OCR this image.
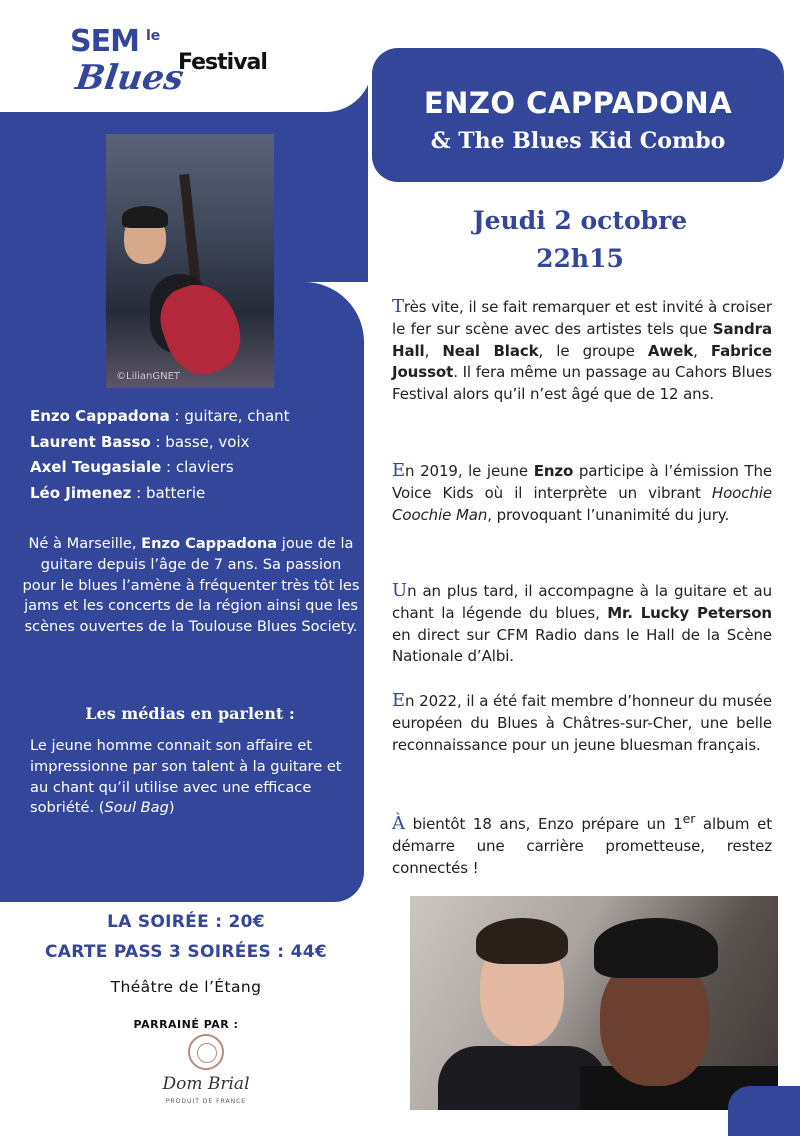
SEM le
Blues
Festival
©LilianGNET
Enzo Cappadona : guitare, chant
Laurent Basso : basse, voix
Axel Teugasiale : claviers
Léo Jimenez : batterie
Né à Marseille, Enzo Cappadona joue de la guitare depuis l’âge de 7 ans. Sa passion pour le blues l’amène à fréquenter très tôt les jams et les concerts de la région ainsi que les scènes ouvertes de la Toulouse Blues Society.
Les médias en parlent :
Le jeune homme connait son affaire et impressionne par son talent à la guitare et au chant qu’il utilise avec une efficace sobriété. (Soul Bag)
LA SOIRÉE : 20€
CARTE PASS 3 SOIRÉES : 44€
Théâtre de l’Étang
PARRAINÉ PAR :
Dom Brial
PRODUIT DE FRANCE
ENZO CAPPADONA
& The Blues Kid Combo
Jeudi 2 octobre
22h15
Très vite, il se fait remarquer et est invité à croiser le fer sur scène avec des artistes tels que Sandra Hall, Neal Black, le groupe Awek, Fabrice Joussot. Il fera même un passage au Cahors Blues Festival alors qu’il n’est âgé que de 12 ans.
En 2019, le jeune Enzo participe à l’émission The Voice Kids où il interprète un vibrant Hoochie Coochie Man, provoquant l’unanimité du jury.
Un an plus tard, il accompagne à la guitare et au chant la légende du blues, Mr. Lucky Peterson en direct sur CFM Radio dans le Hall de la Scène Nationale d’Albi.
En 2022, il a été fait membre d’honneur du musée européen du Blues à Châtres-sur-Cher, une belle reconnaissance pour un jeune bluesman français.
À bientôt 18 ans, Enzo prépare un 1er album et démarre une carrière prometteuse, restez connectés !
